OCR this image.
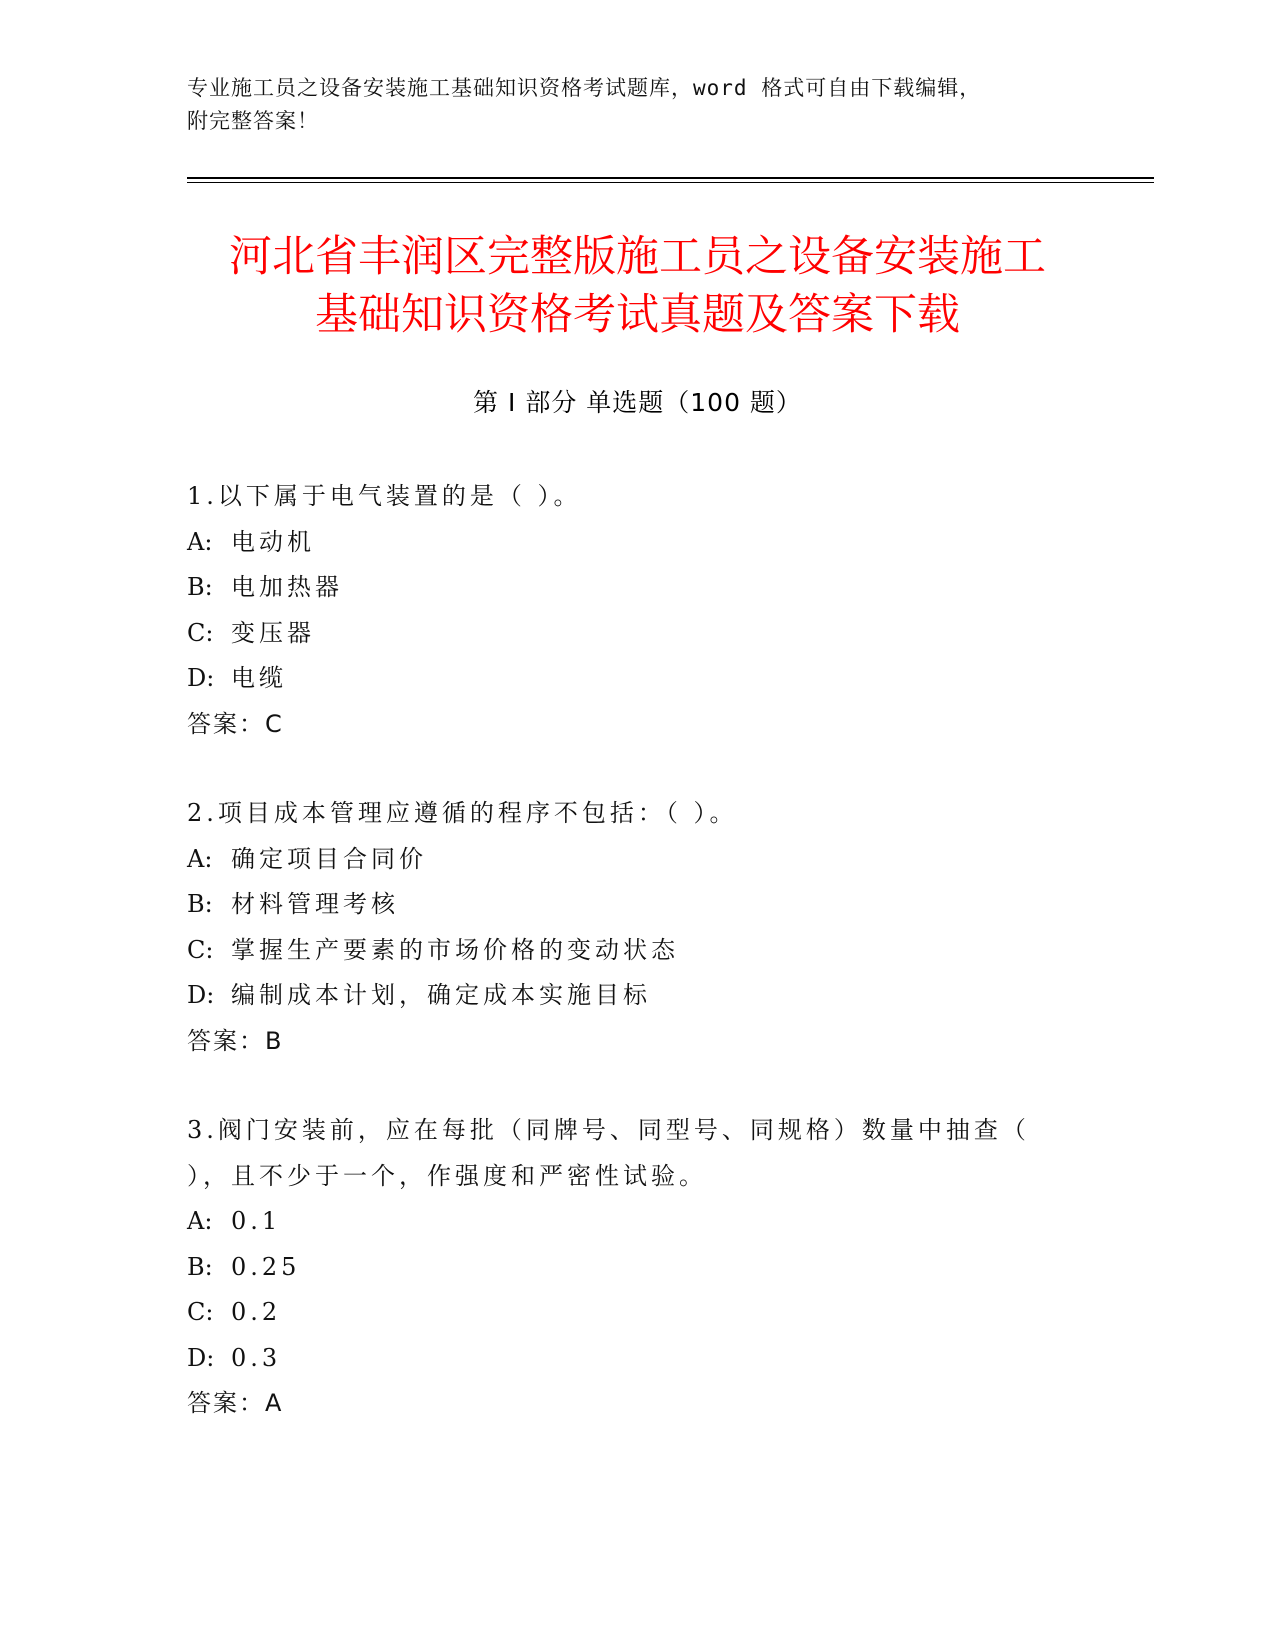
专业施工员之设备安装施工基础知识资格考试题库，word 格式可自由下载编辑，
附完整答案！
河北省丰润区完整版施工员之设备安装施工
基础知识资格考试真题及答案下载
第 I 部分 单选题（100 题）
1.以下属于电气装置的是（ ）。
A: 电动机
B: 电加热器
C: 变压器
D: 电缆
答案：C
2.项目成本管理应遵循的程序不包括：（ ）。
A: 确定项目合同价
B: 材料管理考核
C: 掌握生产要素的市场价格的变动状态
D: 编制成本计划，确定成本实施目标
答案：B
3.阀门安装前，应在每批（同牌号、同型号、同规格）数量中抽查（
），且不少于一个，作强度和严密性试验。
A: 0.1
B: 0.25
C: 0.2
D: 0.3
答案：A
